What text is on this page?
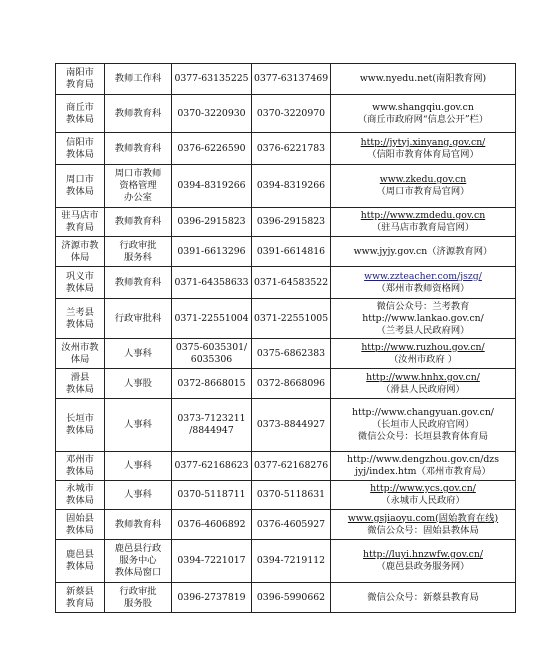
南阳市
教育局	教师工作科	0377-63135225	0377-63137469	www.nyedu.net(南阳教育网)

商丘市
教体局	教师教育科	0370-3220930	0370-3220970	www.shangqiu.gov.cn
（商丘市政府网“信息公开”栏）

信阳市
教体局	教师教育科	0376-6226590	0376-6221783	http://jytyj.xinyang.gov.cn/
（信阳市教育体育局官网）

周口市
教体局	周口市教师
资格管理
办公室	0394-8319266	0394-8319266	www.zkedu.gov.cn
（周口市教育局官网）

驻马店市
教育局	教师教育科	0396-2915823	0396-2915823	http://www.zmdedu.gov.cn
（驻马店市教育局官网）

济源市教
体局	行政审批
服务科	0391-6613296	0391-6614816	www.jyjy.gov.cn（济源教育网）

巩义市
教体局	教师教育科	0371-64358633	0371-64583522	www.zzteacher.com/jszg/
（郑州市教师资格网）

兰考县
教体局	行政审批科	0371-22551004	0371-22551005	微信公众号：兰考教育
http://www.lankao.gov.cn/
（兰考县人民政府网）

汝州市教
体局	人事科	0375-6035301/
6035306	0375-6862383	http://www.ruzhou.gov.cn/
（汝州市政府 ）

滑县
教体局	人事股	0372-8668015	0372-8668096	http://www.hnhx.gov.cn/
（滑县人民政府网）

长垣市
教体局	人事科	0373-7123211
/8844947	0373-8844927	http://www.changyuan.gov.cn/
（长垣市人民政府官网）
微信公众号：长垣县教育体育局

邓州市
教体局	人事科	0377-62168623	0377-62168276	http://www.dengzhou.gov.cn/dzs
jyj/index.htm（邓州市教育局）

永城市
教体局	人事科	0370-5118711	0370-5118631	http://www.ycs.gov.cn/
（永城市人民政府）

固始县
教体局	教师教育科	0376-4606892	0376-4605927	www.gsjiaoyu.com(固始教育在线)
微信公众号：固始县教体局

鹿邑县
教体局	鹿邑县行政
服务中心
教体局窗口	0394-7221017	0394-7219112	http://luyi.hnzwfw.gov.cn/
（鹿邑县政务服务网）

新蔡县
教育局	行政审批
服务股	0396-2737819	0396-5990662	微信公众号：新蔡县教育局
